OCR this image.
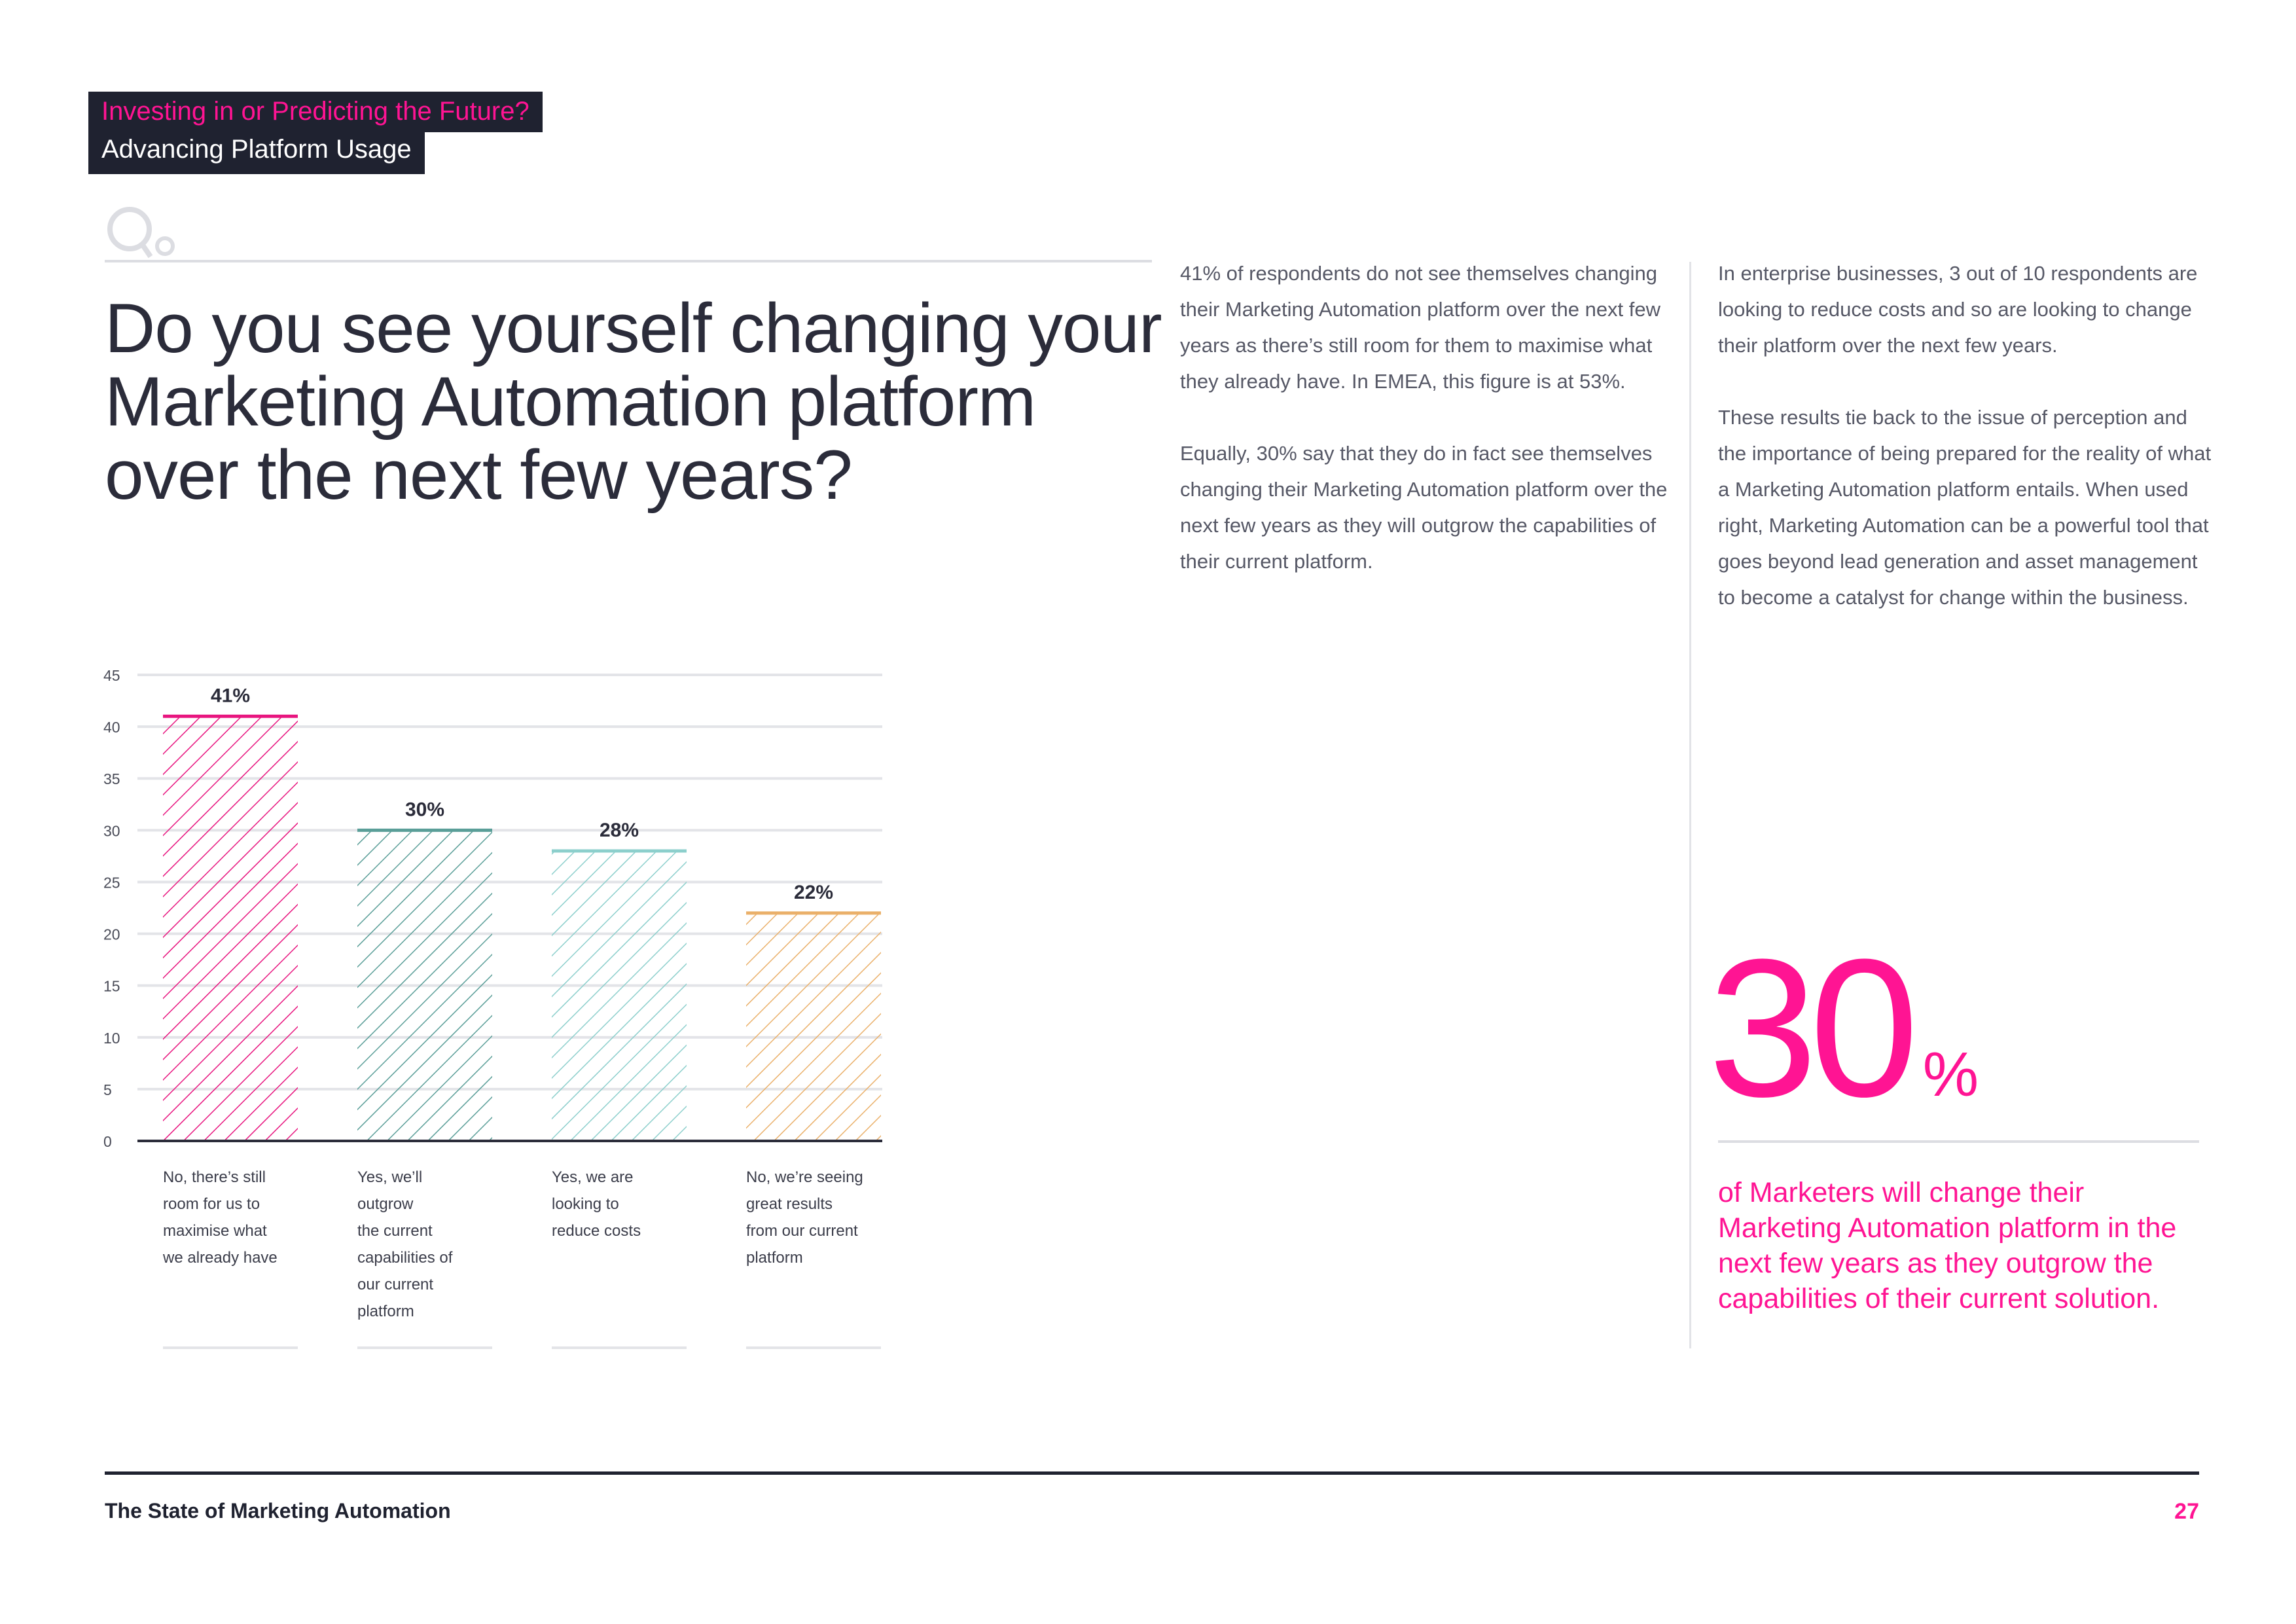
Investing in or Predicting the Future?
Advancing Platform Usage
Do you see yourself changing your Marketing Automation platform over the next few years?

41% of respondents do not see themselves changing their Marketing Automation platform over the next few years as there’s still room for them to maximise what they already have. In EMEA, this figure is at 53%.

Equally, 30% say that they do in fact see themselves changing their Marketing Automation platform over the next few years as they will outgrow the capabilities of their current platform.

In enterprise businesses, 3 out of 10 respondents are looking to reduce costs and so are looking to change their platform over the next few years.

These results tie back to the issue of perception and the importance of being prepared for the reality of what a Marketing Automation platform entails. When used right, Marketing Automation can be a powerful tool that goes beyond lead generation and asset management to become a catalyst for change within the business.

30 %

of Marketers will change their Marketing Automation platform in the next few years as they outgrow the capabilities of their current solution.

0
5
10
15
20
25
30
35
40
45
41%
No, there’s still
room for us to
maximise what
we already have
30%
Yes, we’ll
outgrow
the current
capabilities of
our current
platform
28%
Yes, we are
looking to
reduce costs
22%
No, we’re seeing
great results
from our current
platform
The State of Marketing Automation	27
